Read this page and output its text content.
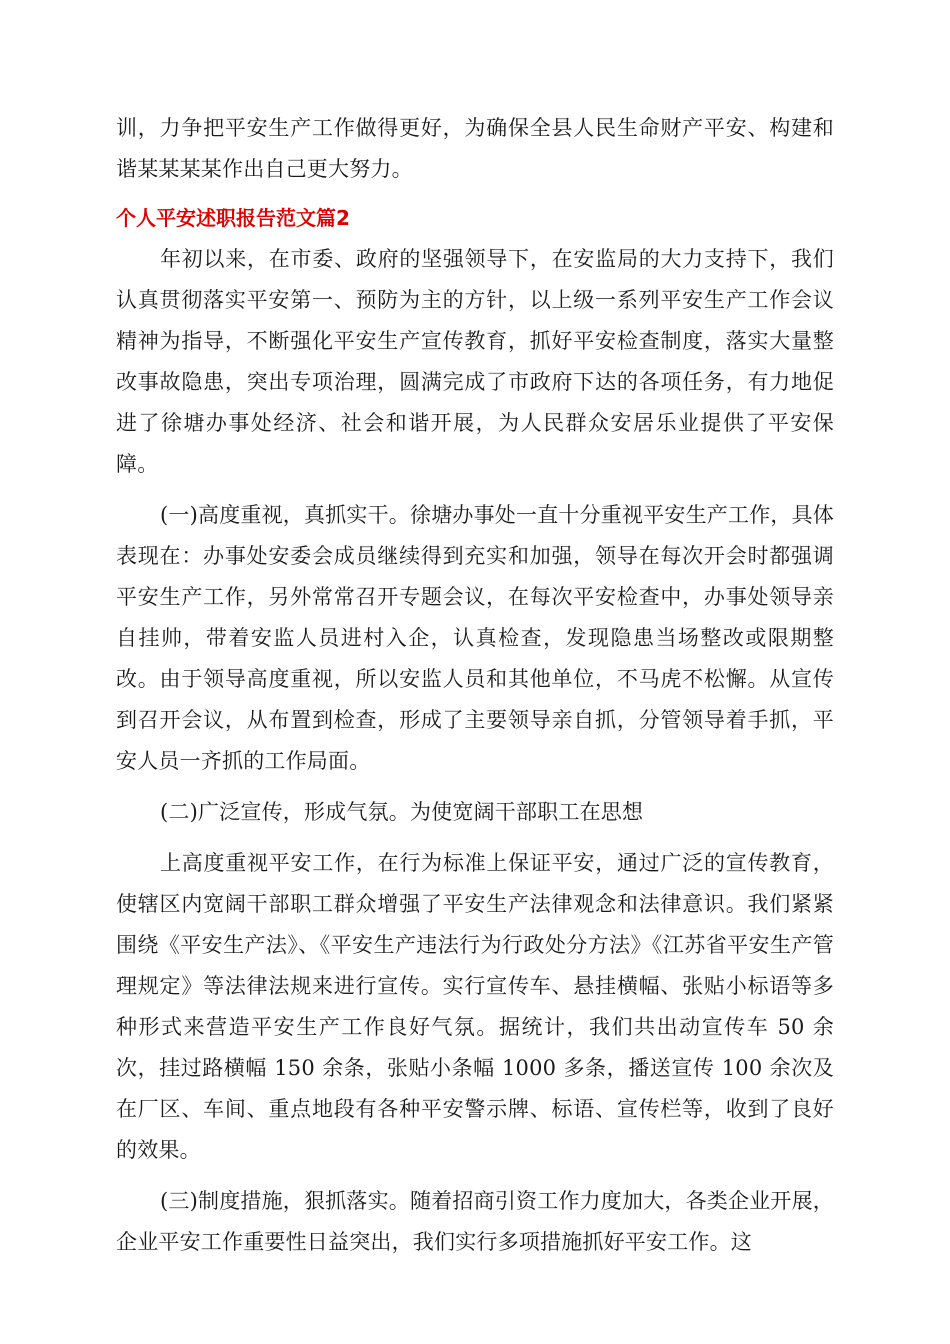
训，力争把平安生产工作做得更好，为确保全县人民生命财产平安、构建和谐某某某某作出自己更大努力。

个人平安述职报告范文篇2

年初以来，在市委、政府的坚强领导下，在安监局的大力支持下，我们认真贯彻落实平安第一、预防为主的方针，以上级一系列平安生产工作会议精神为指导，不断强化平安生产宣传教育，抓好平安检查制度，落实大量整改事故隐患，突出专项治理，圆满完成了市政府下达的各项任务，有力地促进了徐塘办事处经济、社会和谐开展，为人民群众安居乐业提供了平安保障。

(一)高度重视，真抓实干。徐塘办事处一直十分重视平安生产工作，具体表现在：办事处安委会成员继续得到充实和加强，领导在每次开会时都强调平安生产工作，另外常常召开专题会议，在每次平安检查中，办事处领导亲自挂帅，带着安监人员进村入企，认真检查，发现隐患当场整改或限期整改。由于领导高度重视，所以安监人员和其他单位，不马虎不松懈。从宣传到召开会议，从布置到检查，形成了主要领导亲自抓，分管领导着手抓，平安人员一齐抓的工作局面。

(二)广泛宣传，形成气氛。为使宽阔干部职工在思想

上高度重视平安工作，在行为标准上保证平安，通过广泛的宣传教育，使辖区内宽阔干部职工群众增强了平安生产法律观念和法律意识。我们紧紧围绕《平安生产法》、《平安生产违法行为行政处分方法》《江苏省平安生产管理规定》等法律法规来进行宣传。实行宣传车、悬挂横幅、张贴小标语等多种形式来营造平安生产工作良好气氛。据统计，我们共出动宣传车 50 余次，挂过路横幅 150 余条，张贴小条幅 1000 多条，播送宣传 100 余次及在厂区、车间、重点地段有各种平安警示牌、标语、宣传栏等，收到了良好的效果。

(三)制度措施，狠抓落实。随着招商引资工作力度加大，各类企业开展，企业平安工作重要性日益突出，我们实行多项措施抓好平安工作。这
